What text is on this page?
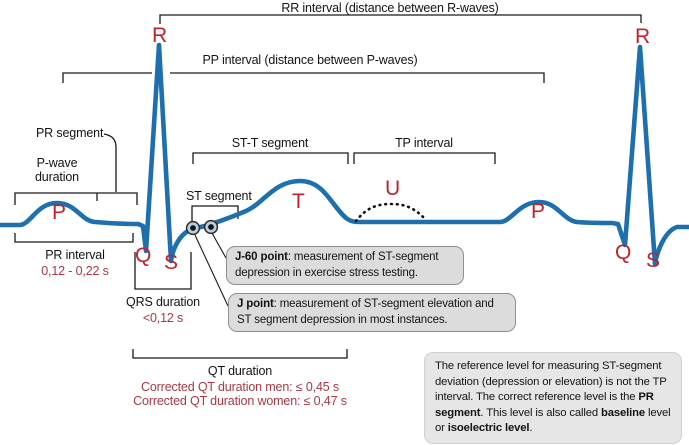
RR interval (distance between R-waves)
PP interval (distance between P-waves)
PR segment
P-wave duration
PR interval
0,12 - 0,22 s
ST segment
ST-T segment	TP interval
QRS duration
<0,12 s
QT duration
Corrected QT duration men: ≤ 0,45 s
Corrected QT duration women: ≤ 0,47 s
P
R
Q S
T
U
P
R
Q S
J-60 point: measurement of ST-segment depression in exercise stress testing.
J point: measurement of ST-segment elevation and ST segment depression in most instances.
The reference level for measuring ST-segment deviation (depression or elevation) is not the TP interval. The correct reference level is the PR segment. This level is also called baseline level or isoelectric level.
